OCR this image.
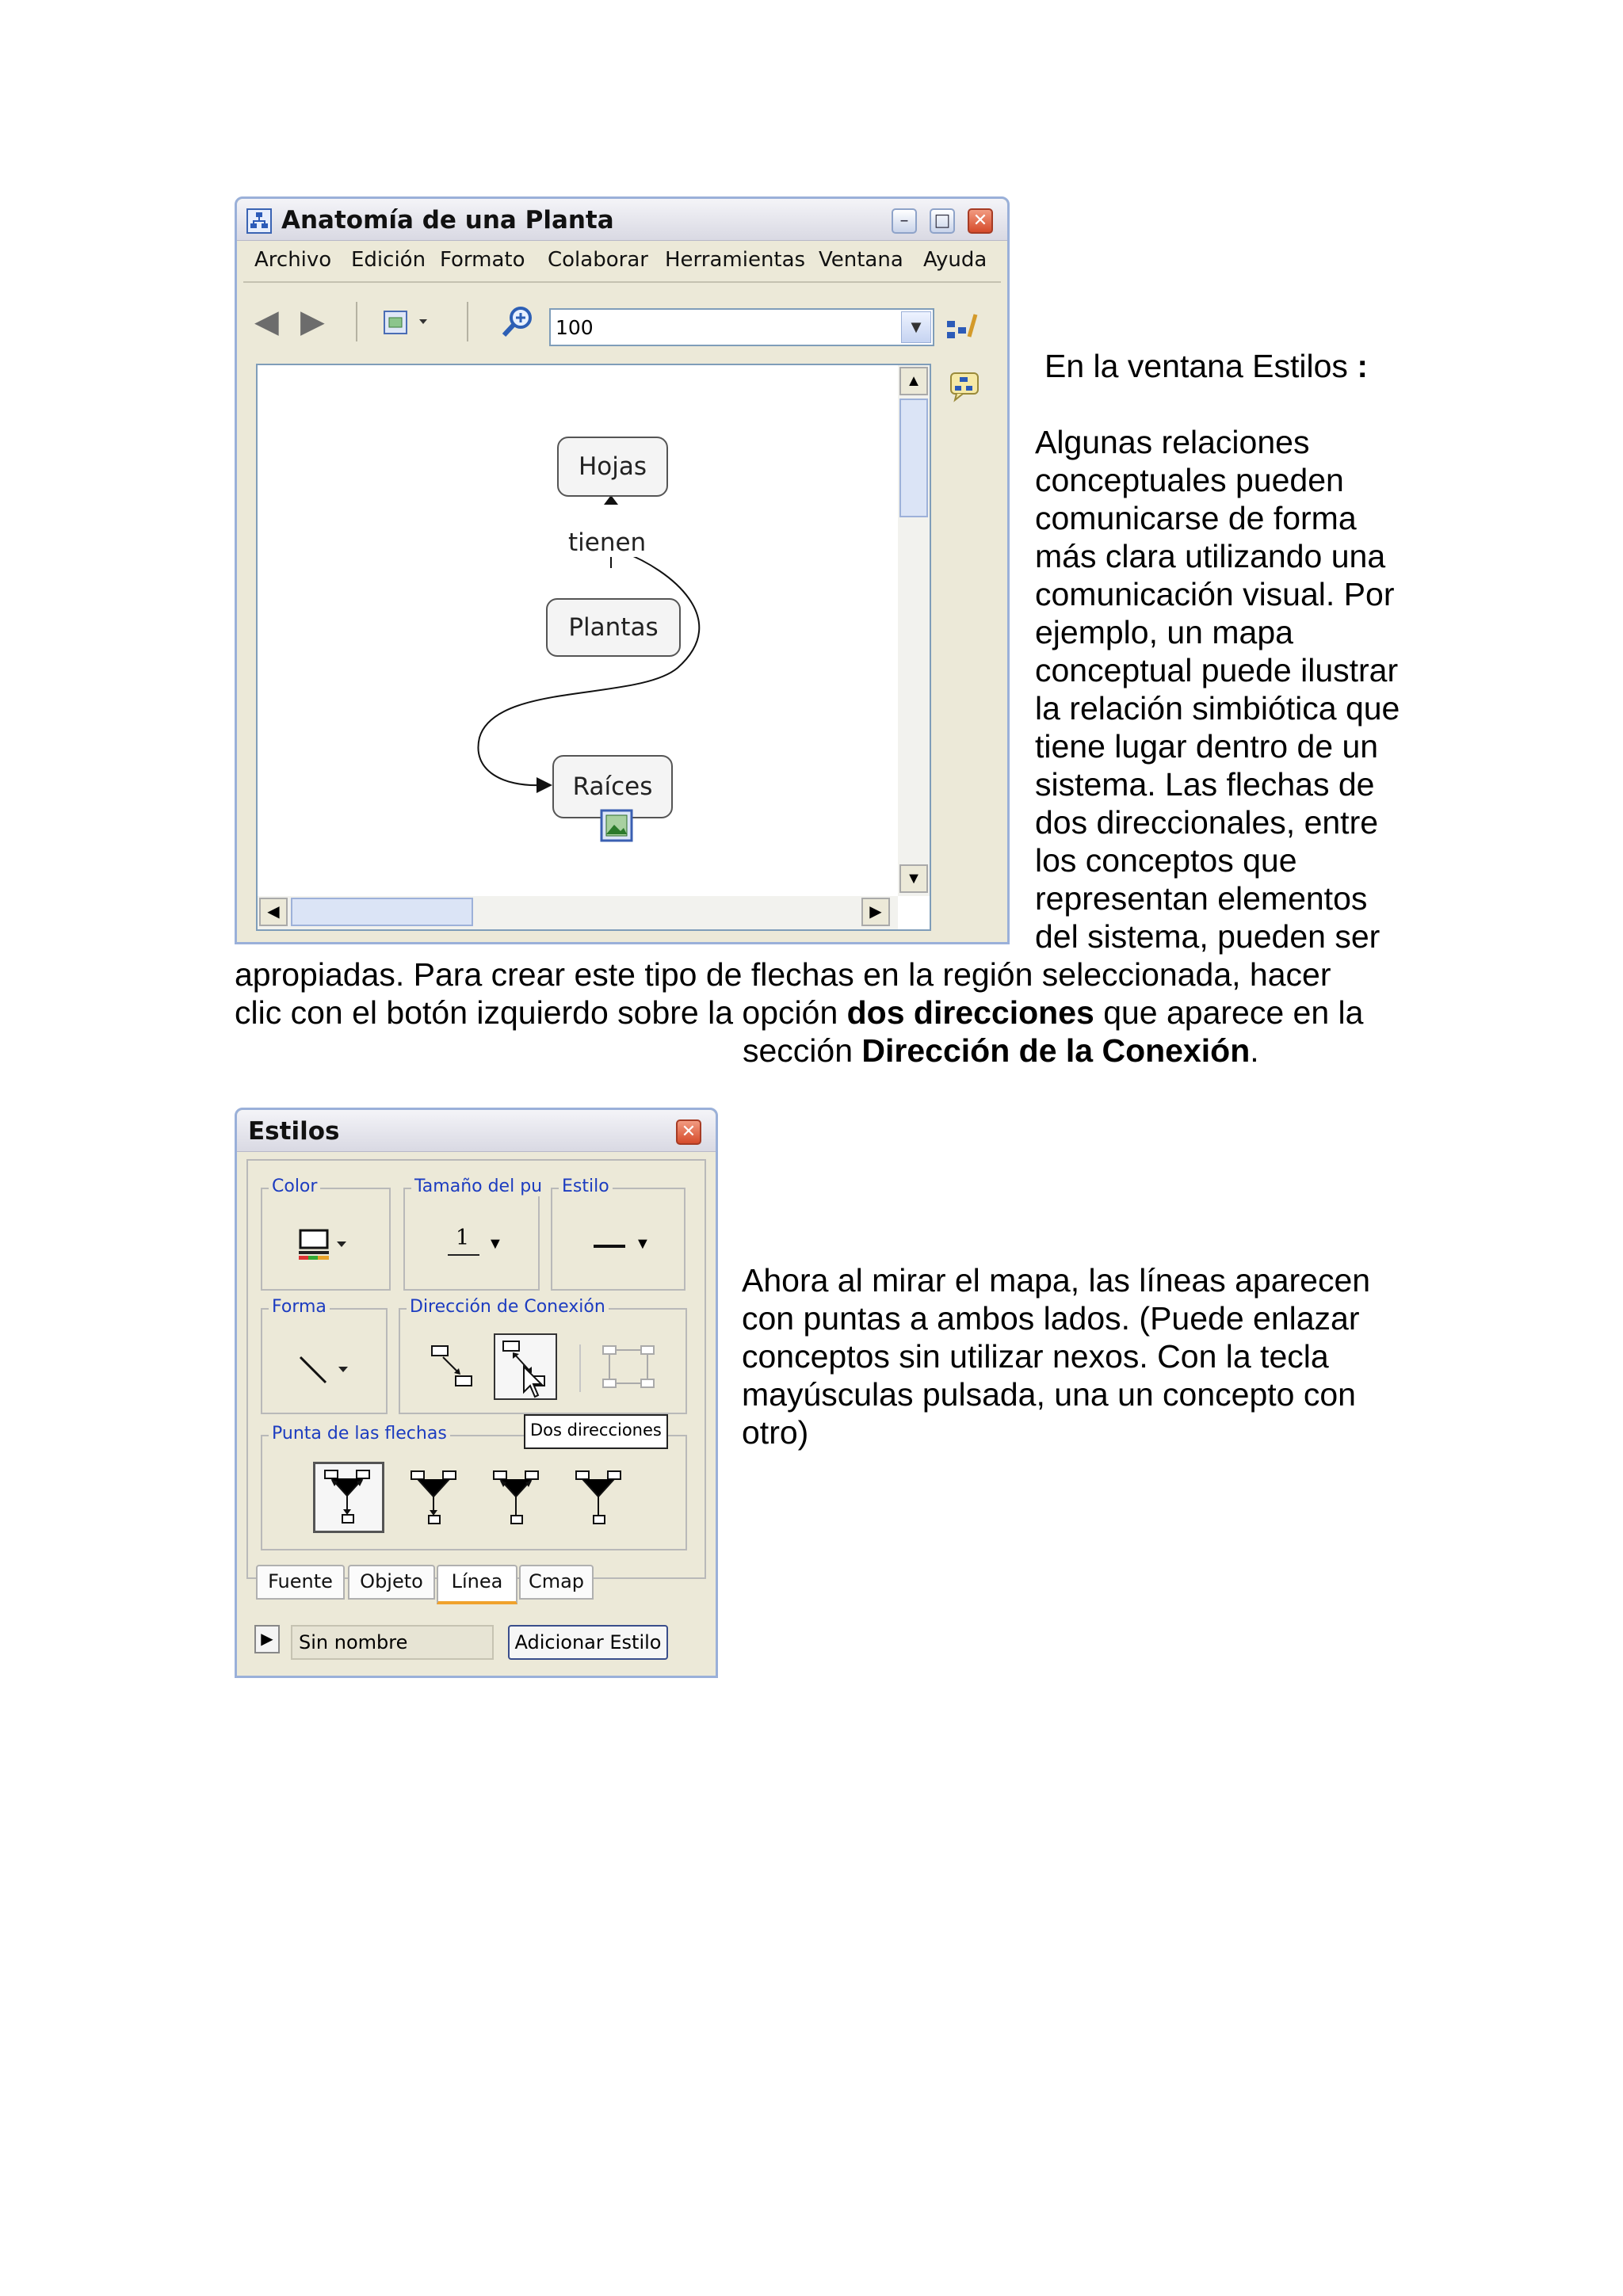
Anatomía de una Planta	–	□	✕
Archivo Edición Formato Colaborar Herramientas Ventana Ayuda
◀ ▶	100	▼
Hojas
tienen
Plantas
Raíces
▲
▼
◀	▶
En la ventana Estilos :
Algunas relaciones
conceptuales pueden
comunicarse de forma
más clara utilizando una
comunicación visual. Por
ejemplo, un mapa
conceptual puede ilustrar
la relación simbiótica que
tiene lugar dentro de un
sistema. Las flechas de
dos direccionales, entre
los conceptos que
representan elementos
del sistema, pueden ser
apropiadas. Para crear este tipo de flechas en la región seleccionada, hacer
clic con el botón izquierdo sobre la opción dos direcciones que aparece en la
sección Dirección de la Conexión.
Estilos	✕
Color	Tamaño del pu
1 ▼
Estilo
▼
Forma	Dirección de Conexión
Punta de las flechas	Dos direcciones
Fuente	Objeto	Línea	Cmap
▶	Sin nombre	Adicionar Estilo
Ahora al mirar el mapa, las líneas aparecen
con puntas a ambos lados. (Puede enlazar
conceptos sin utilizar nexos. Con la tecla
mayúsculas pulsada, una un concepto con
otro)
